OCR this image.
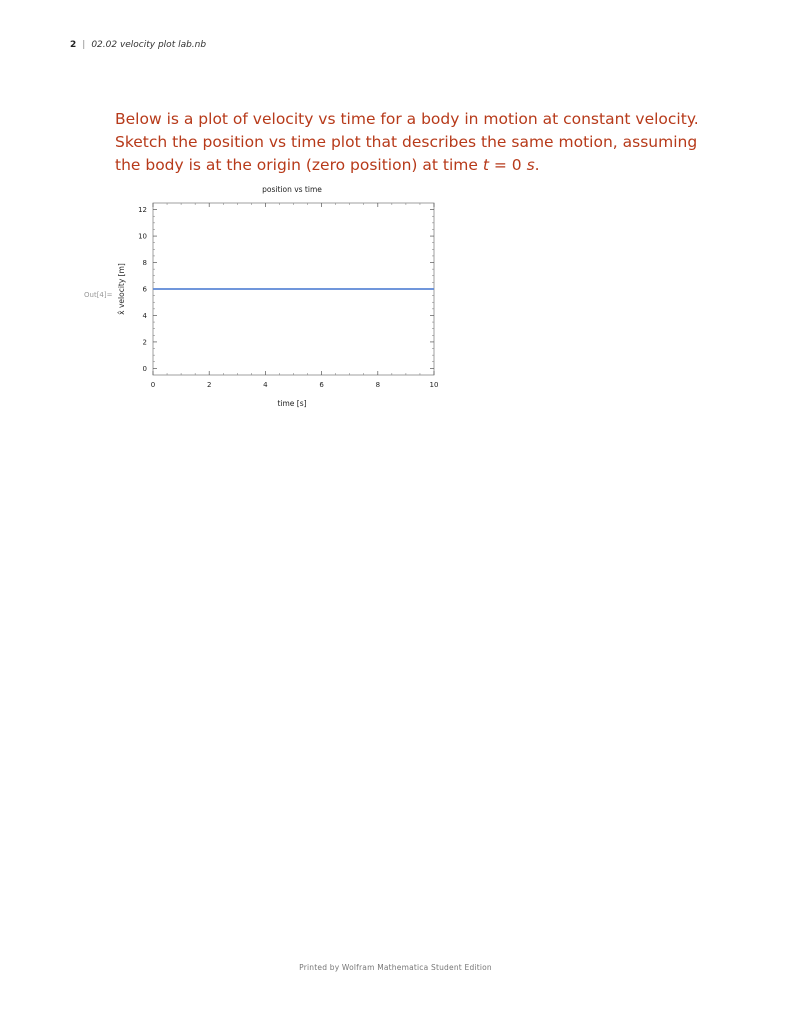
2 | 02.02 velocity plot lab.nb
Below is a plot of velocity vs time for a body in motion at constant velocity. Sketch the position vs time plot that describes the same motion, assuming the body is at the origin (zero position) at time t = 0 s.
Out[4]=
position vs time
0	2	4	6	8	10
0
2
4
6
8
10
12
time [s]
x̂ velocity [m]
Printed by Wolfram Mathematica Student Edition
